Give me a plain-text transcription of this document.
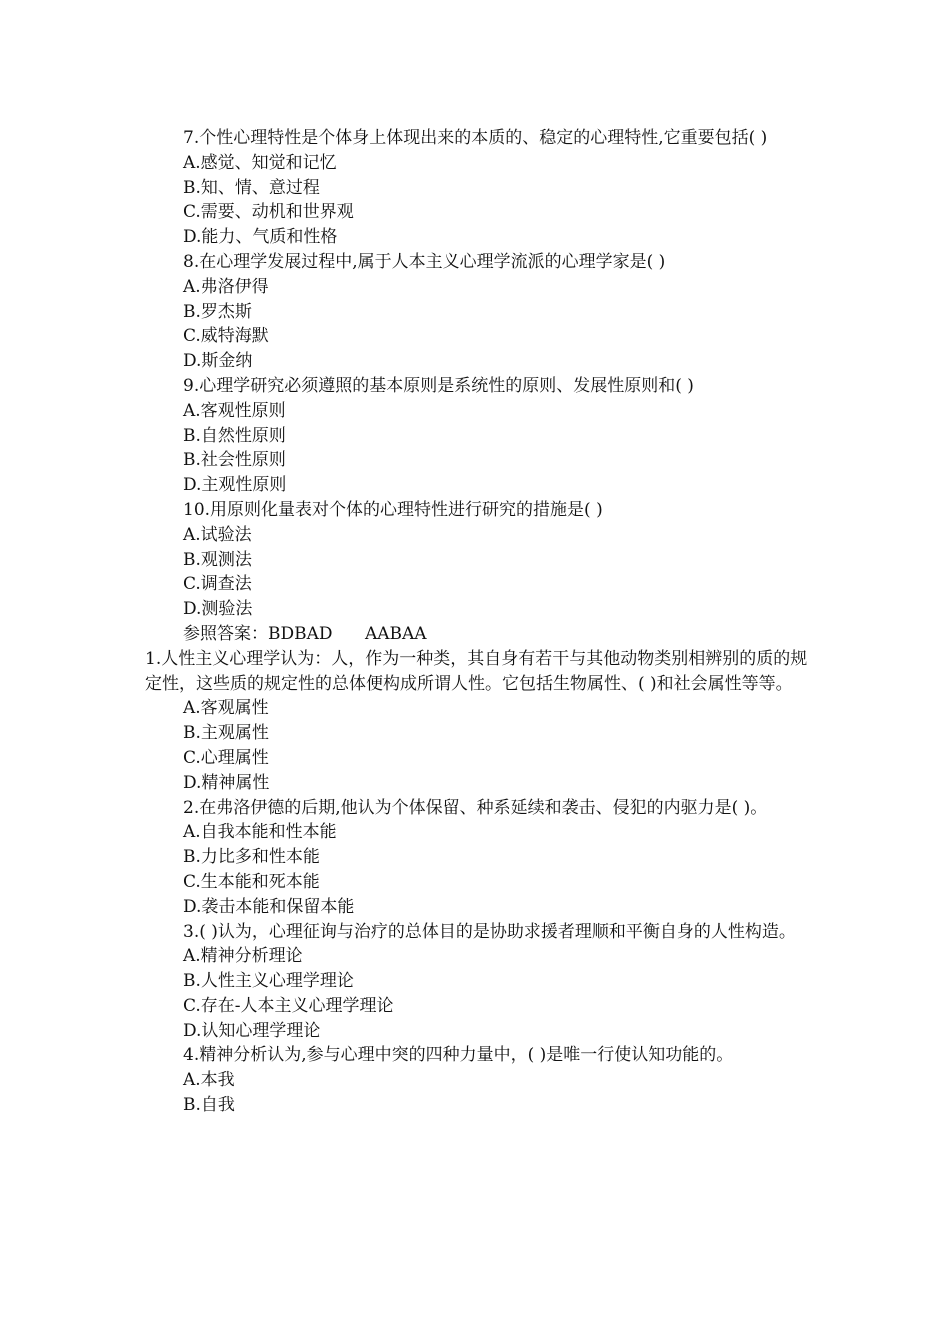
7.个性心理特性是个体身上体现出来的本质的、稳定的心理特性,它重要包括( )
A.感觉、知觉和记忆
B.知、情、意过程
C.需要、动机和世界观
D.能力、气质和性格
8.在心理学发展过程中,属于人本主义心理学流派的心理学家是( )
A.弗洛伊得
B.罗杰斯
C.威特海默
D.斯金纳
9.心理学研究必须遵照的基本原则是系统性的原则、发展性原则和( )
A.客观性原则
B.自然性原则
B.社会性原则
D.主观性原则
10.用原则化量表对个体的心理特性进行研究的措施是( )
A.试验法
B.观测法
C.调查法
D.测验法
参照答案：BDBAD      AABAA
1.人性主义心理学认为：人，作为一种类，其自身有若干与其他动物类别相辨别的质的规定性，这些质的规定性的总体便构成所谓人性。它包括生物属性、( )和社会属性等等。
A.客观属性
B.主观属性
C.心理属性
D.精神属性
2.在弗洛伊德的后期,他认为个体保留、种系延续和袭击、侵犯的内驱力是( )。
A.自我本能和性本能
B.力比多和性本能
C.生本能和死本能
D.袭击本能和保留本能
3.( )认为，心理征询与治疗的总体目的是协助求援者理顺和平衡自身的人性构造。
A.精神分析理论
B.人性主义心理学理论
C.存在-人本主义心理学理论
D.认知心理学理论
4.精神分析认为,参与心理中突的四种力量中，( )是唯一行使认知功能的。
A.本我
B.自我
